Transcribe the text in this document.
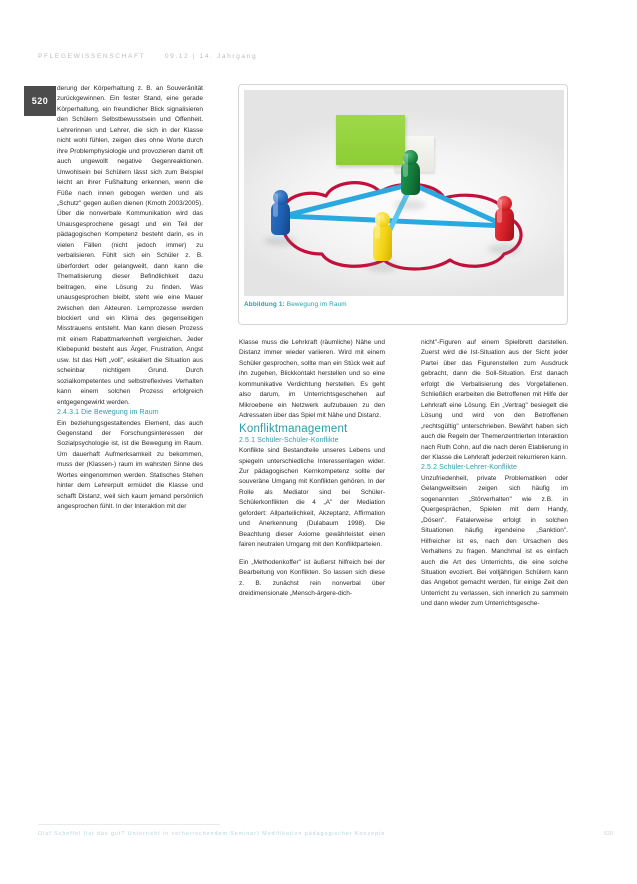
PFLEGEWISSENSCHAFT	09.12 | 14. Jahrgang
520

derung der Körperhaltung z. B. an Souveränität zurückgewinnen. Ein fester Stand, eine gerade Körperhaltung, ein freundlicher Blick signalisieren den Schülern Selbstbewusstsein und Offenheit. Lehrerinnen und Lehrer, die sich in der Klasse nicht wohl fühlen, zeigen dies ohne Worte durch ihre Problemphysiologie und provozieren damit oft auch ungewollt negative Gegenreaktionen. Unwohlsein bei Schülern lässt sich zum Beispiel leicht an ihrer Fußhaltung erkennen, wenn die Füße nach innen gebogen werden und als „Schutz" gegen außen dienen (Kmoth 2003/2005). Über die nonverbale Kommunikation wird das Unausgesprochene gesagt und ein Teil der pädagogischen Kompetenz besteht darin, es in vielen Fällen (nicht jedoch immer) zu verbalisieren. Fühlt sich ein Schüler z. B. überfordert oder gelangweilt, dann kann die Thematisierung dieser Befindlichkeit dazu beitragen, eine Lösung zu finden. Was unausgesprochen bleibt, steht wie eine Mauer zwischen den Akteuren. Lernprozesse werden blockiert und ein Klima des gegenseitigen Misstrauens entsteht. Man kann diesen Prozess mit einem Rabattmarkenheft vergleichen. Jeder Klebepunkt besteht aus Ärger, Frustration, Angst usw. Ist das Heft „voll", eskaliert die Situation aus scheinbar nichtigem Grund. Durch sozialkompetentes und selbstreflexives Verhalten kann einem solchen Prozess erfolgreich entgegengewirkt werden.

2.4.3.1 Die Bewegung im Raum

Ein beziehungsgestaltendes Element, das auch Gegenstand der Forschungsinteressen der Sozialpsychologie ist, ist die Bewegung im Raum. Um dauerhaft Aufmerksamkeit zu bekommen, muss der (Klassen-) raum im wahrsten Sinne des Wortes eingenommen werden. Statisches Stehen hinter dem Lehrerpult ermüdet die Klasse und schafft Distanz, weil sich kaum jemand persönlich angesprochen fühlt. In der Interaktion mit der

Abbildung 1: Bewegung im Raum

Klasse muss die Lehrkraft (räumliche) Nähe und Distanz immer wieder variieren. Wird mit einem Schüler gesprochen, sollte man ein Stück weit auf ihn zugehen, Blickkontakt herstellen und so eine kommunikative Verdichtung herstellen. Es geht also darum, im Unterrichtsgeschehen auf Mikroebene ein Netzwerk aufzubauen zu den Adressaten über das Spiel mit Nähe und Distanz.

Konfliktmanagement
2.5.1 Schüler-Schüler-Konflikte

Konflikte sind Bestandteile unseres Lebens und spiegeln unterschiedliche Interessenlagen wider. Zur pädagogischen Kernkompetenz sollte der souveräne Umgang mit Konflikten gehören. In der Rolle als Mediator sind bei Schüler-Schülerkonflikten die 4 „A" der Mediation gefordert: Allparteilichkeit, Akzeptanz, Affirmation und Anerkennung (Dulabaum 1998). Die Beachtung dieser Axiome gewährleistet einen fairen neutralen Umgang mit den Konfliktparteien.

Ein „Methodenkoffer" ist äußerst hilfreich bei der Bearbeitung von Konflikten. So lassen sich diese z. B. zunächst rein nonverbal über dreidimensionale „Mensch-ärgere-dich-

nicht"-Figuren auf einem Spielbrett darstellen. Zuerst wird die Ist-Situation aus der Sicht jeder Partei über das Figurenstellen zum Ausdruck gebracht, dann die Soll-Situation. Erst danach erfolgt die Verbalisierung des Vorgefallenen. Schließlich erarbeiten die Betroffenen mit Hilfe der Lehrkraft eine Lösung. Ein „Vertrag" besiegelt die Lösung und wird von den Betroffenen „rechtsgültig" unterschrieben. Bewährt haben sich auch die Regeln der Themenzentrierten Interaktion nach Ruth Cohn, auf die nach deren Etablierung in der Klasse die Lehrkraft jederzeit rekurrieren kann.

2.5.2 Schüler-Lehrer-Konflikte

Unzufriedenheit, private Problematiken oder Gelangweiltsein zeigen sich häufig im sogenannten „Störverhalten" wie z.B. in Quergesprächen, Spielen mit dem Handy, „Dösen". Fatalerweise erfolgt in solchen Situationen häufig irgendeine „Sanktion". Hilfreicher ist es, nach den Ursachen des Verhaltens zu fragen. Manchmal ist es einfach auch die Art des Unterrichts, die eine solche Situation evoziert. Bei volljährigen Schülern kann das Angebot gemacht werden, für einige Zeit den Unterricht zu verlassen, sich innerlich zu sammeln und dann wieder zum Unterrichtsgesche-

Olaf Scheffel (ist das gut? Unterricht in vorherrschendem Seminar) Modifikation pädagogischer Konzepte	520
